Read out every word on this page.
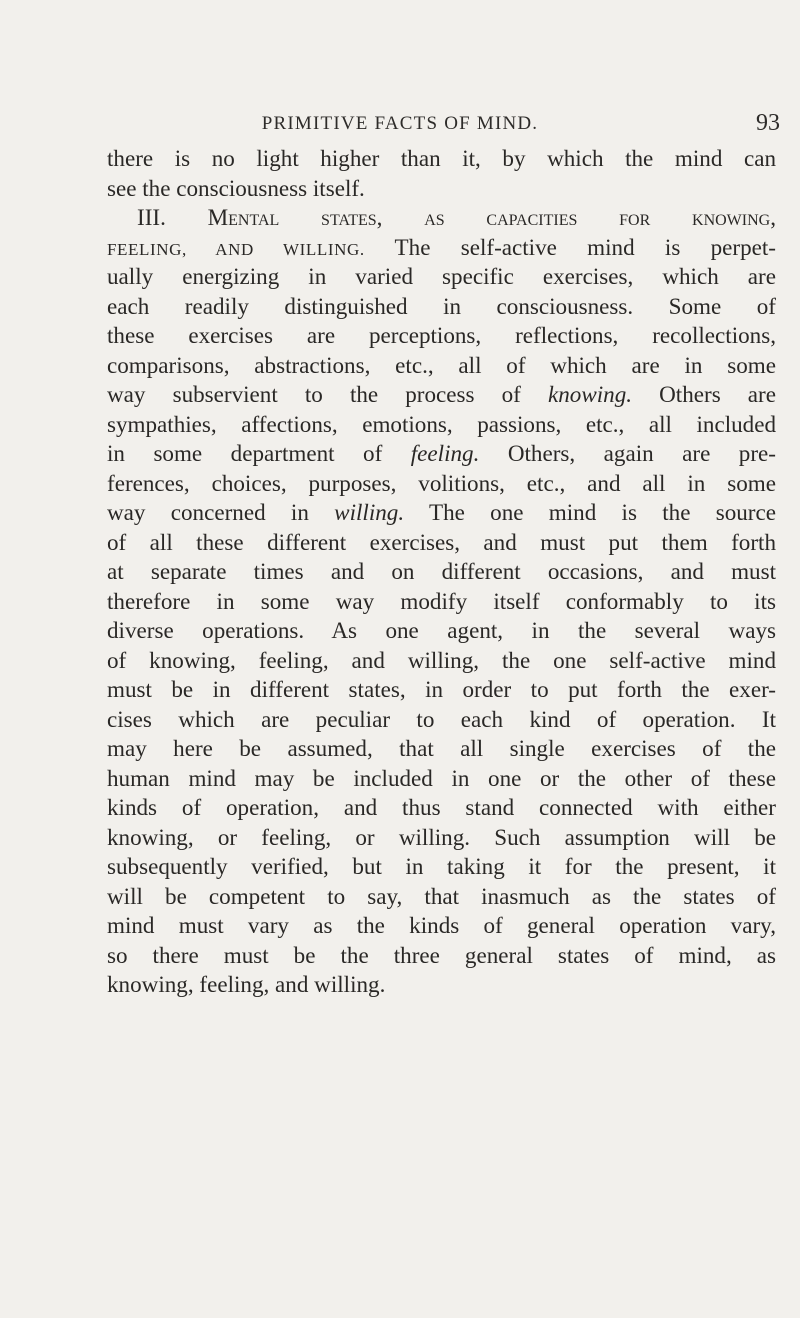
PRIMITIVE FACTS OF MIND.	93
there is no light higher than it, by which the mind can
see the consciousness itself.
III. Mental states, as capacities for knowing,
FEELING, AND WILLING. The self-active mind is perpet-
ually energizing in varied specific exercises, which are
each readily distinguished in consciousness. Some of
these exercises are perceptions, reflections, recollections,
comparisons, abstractions, etc., all of which are in some
way subservient to the process of knowing. Others are
sympathies, affections, emotions, passions, etc., all included
in some department of feeling. Others, again are pre-
ferences, choices, purposes, volitions, etc., and all in some
way concerned in willing. The one mind is the source
of all these different exercises, and must put them forth
at separate times and on different occasions, and must
therefore in some way modify itself conformably to its
diverse operations. As one agent, in the several ways
of knowing, feeling, and willing, the one self-active mind
must be in different states, in order to put forth the exer-
cises which are peculiar to each kind of operation. It
may here be assumed, that all single exercises of the
human mind may be included in one or the other of these
kinds of operation, and thus stand connected with either
knowing, or feeling, or willing. Such assumption will be
subsequently verified, but in taking it for the present, it
will be competent to say, that inasmuch as the states of
mind must vary as the kinds of general operation vary,
so there must be the three general states of mind, as
knowing, feeling, and willing.
